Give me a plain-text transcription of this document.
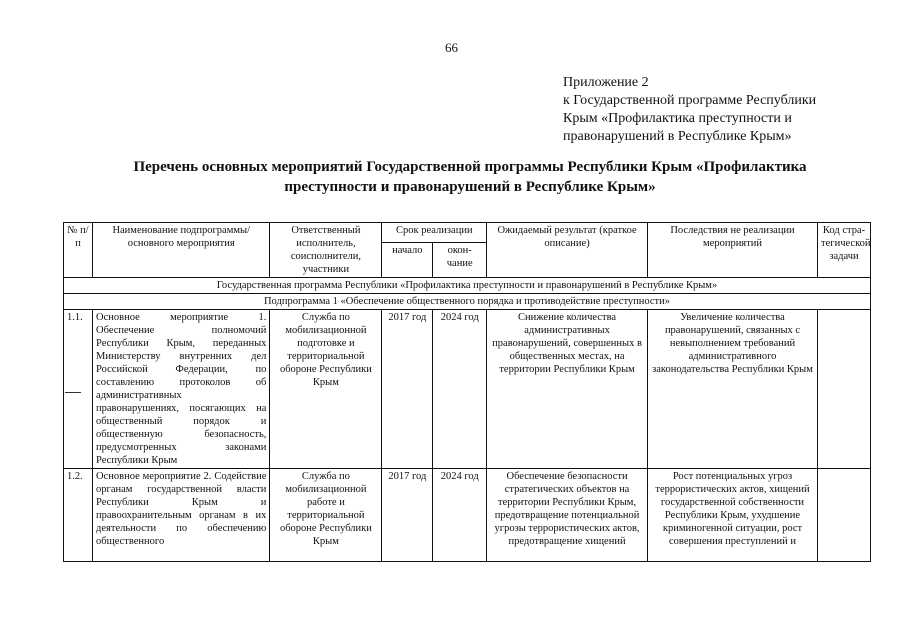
66
Приложение 2
к Государственной программе Республики
Крым «Профилактика преступности и
правонарушений в Республике Крым»
Перечень основных мероприятий Государственной программы Республики Крым «Профилактика преступности и правонарушений в Республике Крым»
№ п/п	Наименование подпрограммы/основного мероприятия	Ответственный исполнитель, соисполнители, участники	Срок реализации		Ожидаемый результат (краткое описание)	Последствия не реализации мероприятий	Код стра-тегической задачи
			начало	окон-чание			
Государственная программа Республики «Профилактика преступности и правонарушений в Республике Крым»							
Подпрограмма 1 «Обеспечение общественного порядка и противодействие преступности»							
1.1.	Основное мероприятие 1. Обеспечение полномочий Республики Крым, переданных Министерству внутренних дел Российской Федерации, по составлению протоколов об административных правонарушениях, посягающих на общественный порядок и общественную безопасность, предусмотренных законами Республики Крым	Служба по мобилизационной подготовке и территориальной обороне Республики Крым	2017 год	2024 год	Снижение количества административных правонарушений, совершенных в общественных местах, на территории Республики Крым	Увеличение количества правонарушений, связанных с невыполнением требований административного законодательства Республики Крым	
1.2.	Основное мероприятие 2. Содействие органам государственной власти Республики Крым и правоохранительным органам в их деятельности по обеспечению общественного	Служба по мобилизационной работе и территориальной обороне Республики Крым	2017 год	2024 год	Обеспечение безопасности стратегических объектов на территории Республики Крым, предотвращение потенциальной угрозы террористических актов, предотвращение хищений	Рост потенциальных угроз террористических актов, хищений государственной собственности Республики Крым, ухудшение криминогенной ситуации, рост совершения преступлений и	
